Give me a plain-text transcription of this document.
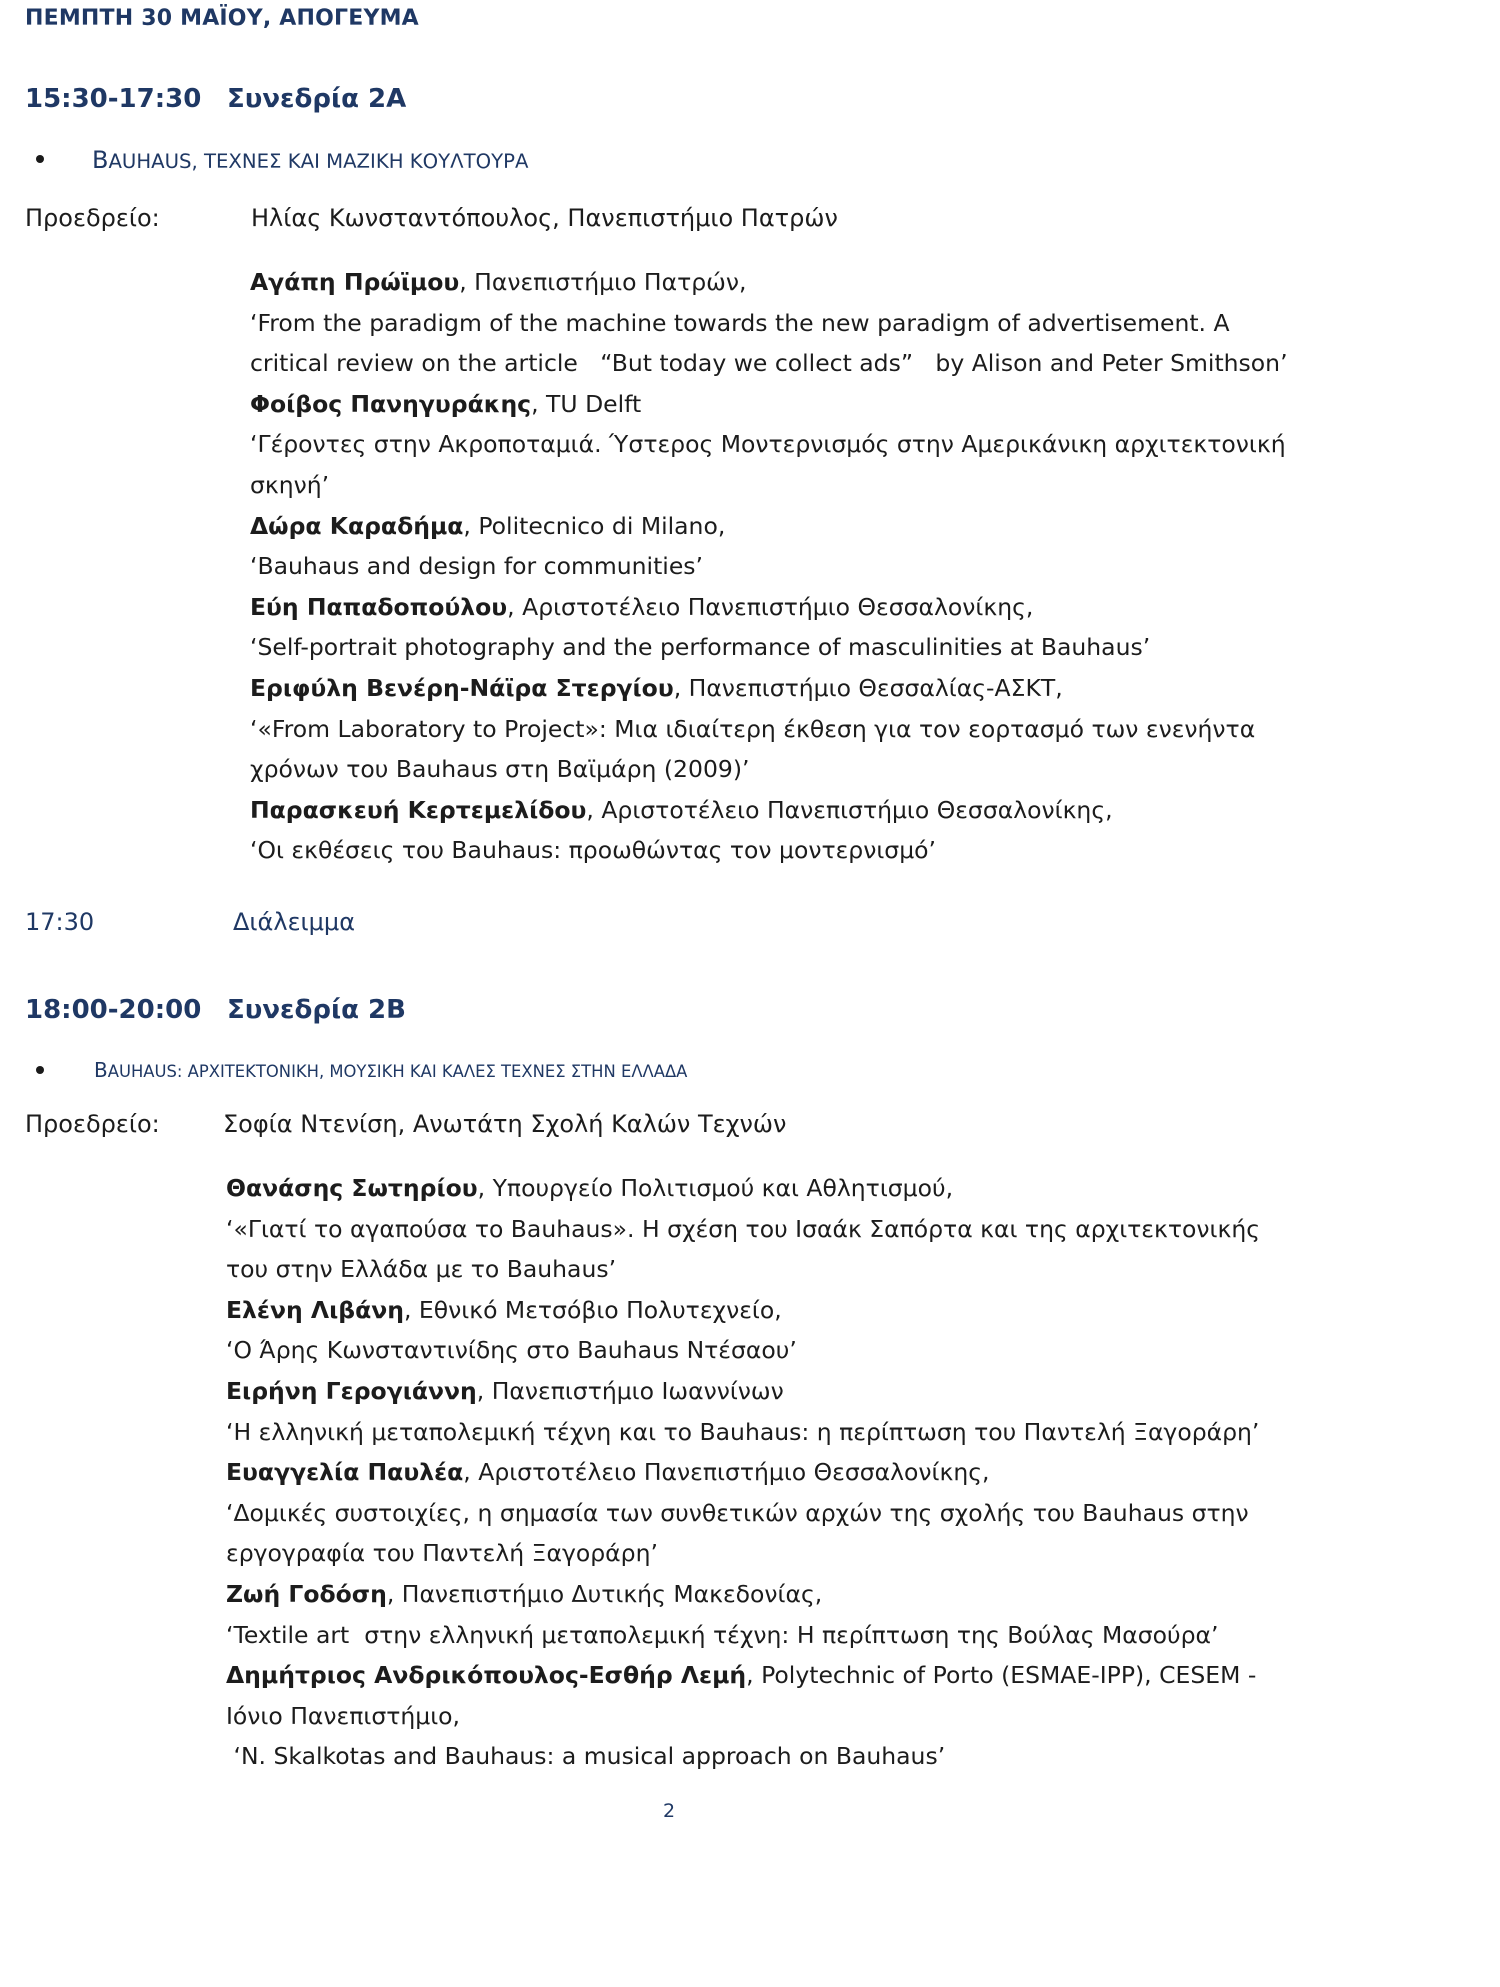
ΠΕΜΠΤΗ 30 ΜΑΪΟΥ, ΑΠΟΓΕΥΜΑ
15:30-17:30 Συνεδρία 2Α
BAUHAUS, ΤΕΧΝΕΣ ΚΑΙ ΜΑΖΙΚΗ ΚΟΥΛΤΟΥΡΑ
Προεδρείο:	Ηλίας Κωνσταντόπουλος, Πανεπιστήμιο Πατρών
Αγάπη Πρώϊμου, Πανεπιστήμιο Πατρών,
‘From the paradigm of the machine towards the new paradigm of advertisement. A critical review on the article   “But today we collect ads”   by Alison and Peter Smithson’
Φοίβος Πανηγυράκης, TU Delft
‘Γέροντες στην Ακροποταμιά. Ύστερος Μοντερνισμός στην Αμερικάνικη αρχιτεκτονική σκηνή’
Δώρα Καραδήμα, Politecnico di Milano,
‘Bauhaus and design for communities’
Εύη Παπαδοπούλου, Αριστοτέλειο Πανεπιστήμιο Θεσσαλονίκης,
‘Self-portrait photography and the performance of masculinities at Bauhaus’
Εριφύλη Βενέρη-Νάϊρα Στεργίου, Πανεπιστήμιο Θεσσαλίας-ΑΣΚΤ,
‘«From Laboratory to Project»: Μια ιδιαίτερη έκθεση για τον εορτασμό των ενενήντα χρόνων του Bauhaus στη Βαϊμάρη (2009)’
Παρασκευή Κερτεμελίδου, Αριστοτέλειο Πανεπιστήμιο Θεσσαλονίκης,
‘Οι εκθέσεις του Bauhaus: προωθώντας τον μοντερνισμό’
17:30	Διάλειμμα
18:00-20:00 Συνεδρία 2Β
BAUHAUS: ΑΡΧΙΤΕΚΤΟΝΙΚΗ, ΜΟΥΣΙΚΗ ΚΑΙ ΚΑΛΕΣ ΤΕΧΝΕΣ ΣΤΗΝ ΕΛΛΑΔΑ
Προεδρείο:	Σοφία Ντενίση, Ανωτάτη Σχολή Καλών Τεχνών
Θανάσης Σωτηρίου, Υπουργείο Πολιτισμού και Αθλητισμού,
‘«Γιατί το αγαπούσα το Bauhaus». Η σχέση του Ισαάκ Σαπόρτα και της αρχιτεκτονικής του στην Ελλάδα με το Bauhaus’
Ελένη Λιβάνη, Εθνικό Μετσόβιο Πολυτεχνείο,
‘Ο Άρης Κωνσταντινίδης στο Bauhaus Ντέσαου’
Ειρήνη Γερογιάννη, Πανεπιστήμιο Ιωαννίνων
‘Η ελληνική μεταπολεμική τέχνη και το Bauhaus: η περίπτωση του Παντελή Ξαγοράρη’
Ευαγγελία Παυλέα, Αριστοτέλειο Πανεπιστήμιο Θεσσαλονίκης,
‘Δομικές συστοιχίες, η σημασία των συνθετικών αρχών της σχολής του Bauhaus στην εργογραφία του Παντελή Ξαγοράρη’
Ζωή Γοδόση, Πανεπιστήμιο Δυτικής Μακεδονίας,
‘Textile art  στην ελληνική μεταπολεμική τέχνη: Η περίπτωση της Βούλας Μασούρα’
Δημήτριος Ανδρικόπουλος-Εσθήρ Λεμή, Polytechnic of Porto (ESMAE-IPP), CESEM - Ιόνιο Πανεπιστήμιο,
‘N. Skalkotas and Bauhaus: a musical approach on Bauhaus’
2
